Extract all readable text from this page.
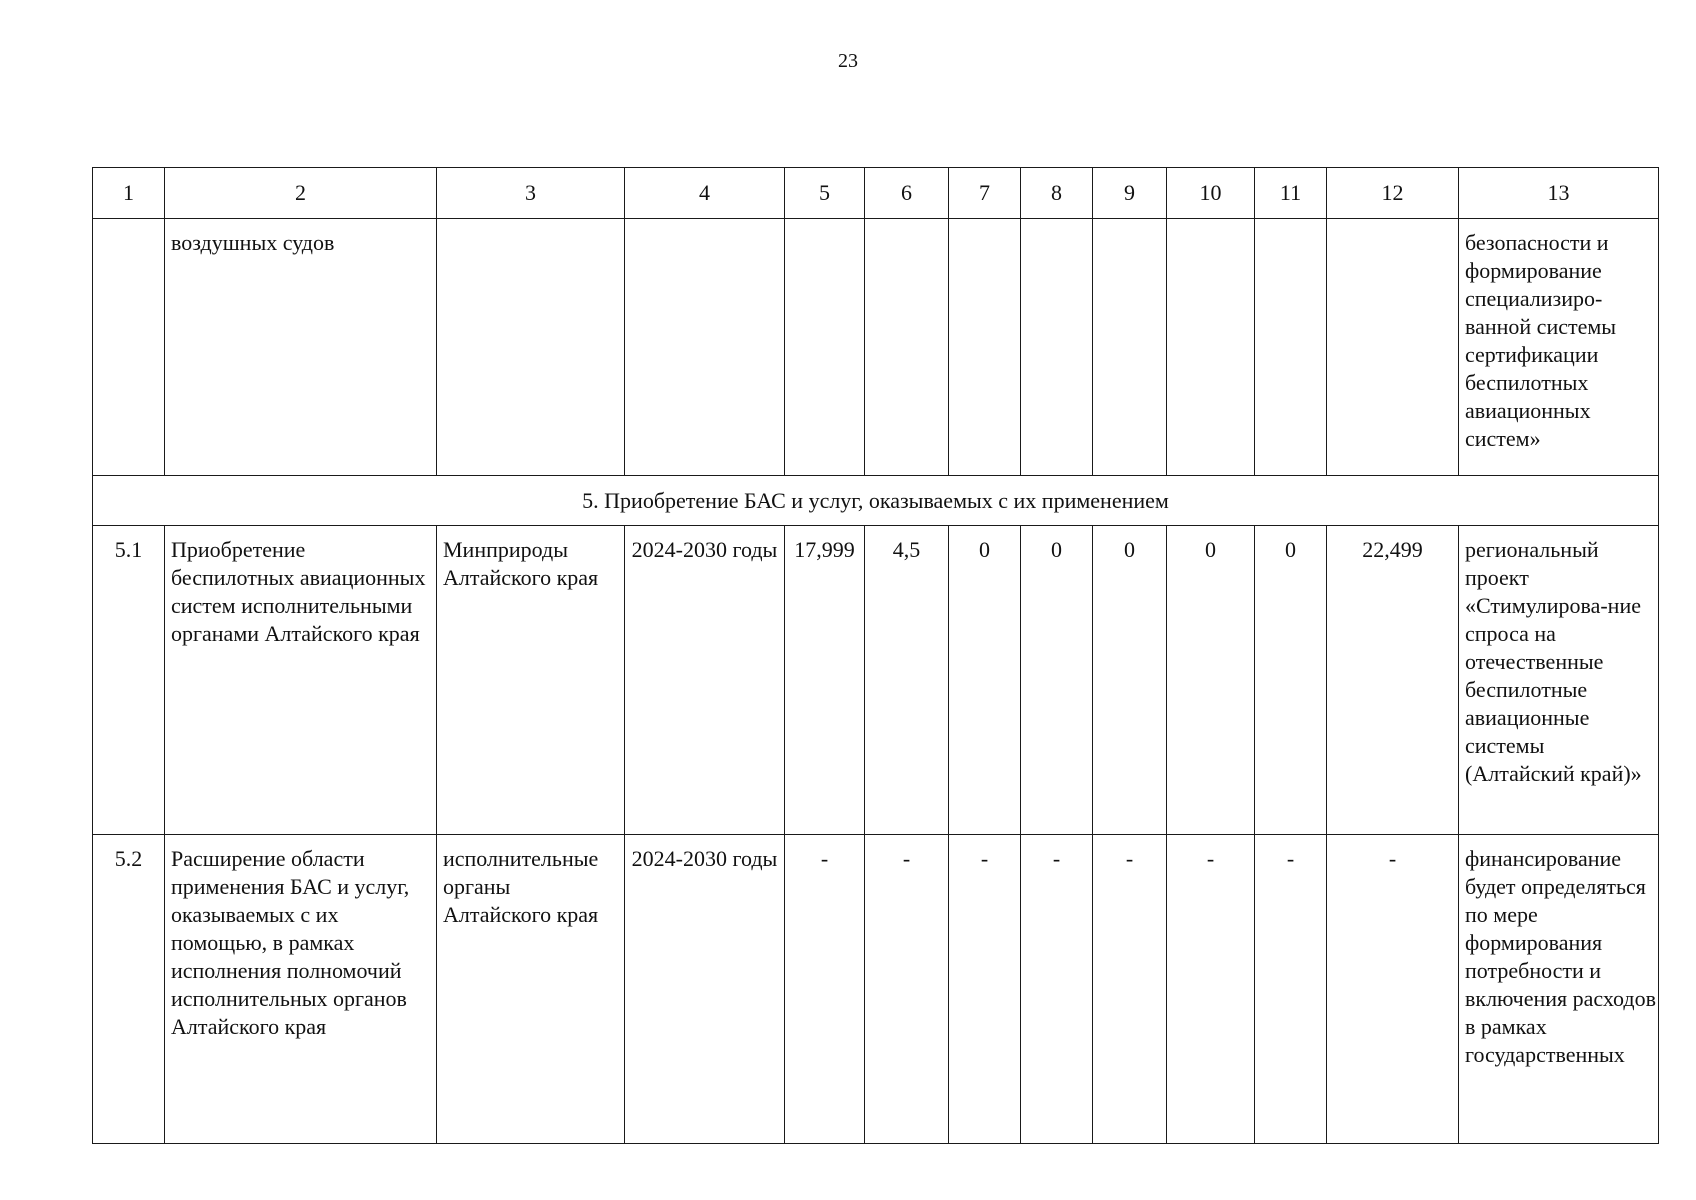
23
1	2	3	4	5	6	7	8	9	10	11	12	13
	воздушных судов											безопасности и формирование специализиро-ванной системы сертификации беспилотных авиационных систем»
5. Приобретение БАС и услуг, оказываемых с их применением												
5.1	Приобретение беспилотных авиационных систем исполнительными органами Алтайского края	Минприроды Алтайского края	2024-2030 годы	17,999	4,5	0	0	0	0	0	22,499	региональный проект «Стимулирова-ние спроса на отечественные беспилотные авиационные системы (Алтайский край)»
5.2	Расширение области применения БАС и услуг, оказываемых с их помощью, в рамках исполнения полномочий исполнительных органов Алтайского края	исполнительные органы Алтайского края	2024-2030 годы	-	-	-	-	-	-	-	-	финансирование будет определяться по мере формирования потребности и включения расходов в рамках государственных
